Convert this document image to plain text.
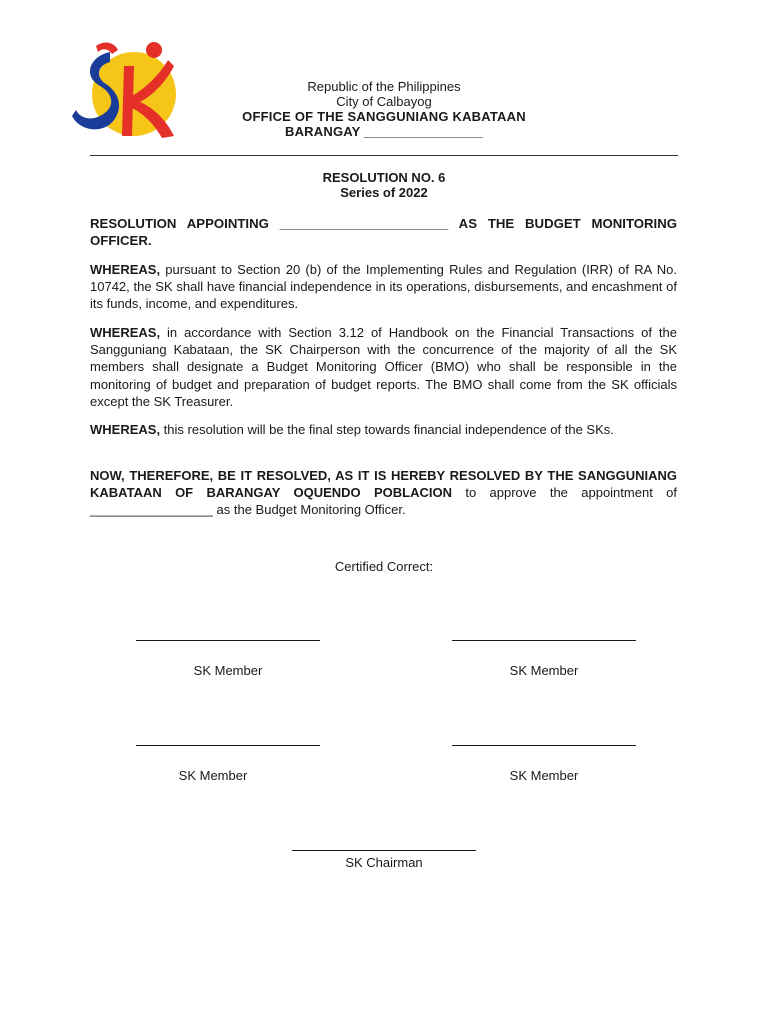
Republic of the Philippines
City of Calbayog
OFFICE OF THE SANGGUNIANG KABATAAN
BARANGAY ________________
RESOLUTION NO. 6
Series of 2022
RESOLUTION APPOINTING _______________________ AS THE BUDGET MONITORING OFFICER.
WHEREAS, pursuant to Section 20 (b) of the Implementing Rules and Regulation (IRR) of RA No. 10742, the SK shall have financial independence in its operations, disbursements, and encashment of its funds, income, and expenditures.
WHEREAS, in accordance with Section 3.12 of Handbook on the Financial Transactions of the Sangguniang Kabataan, the SK Chairperson with the concurrence of the majority of all the SK members shall designate a Budget Monitoring Officer (BMO) who shall be responsible in the monitoring of budget and preparation of budget reports. The BMO shall come from the SK officials except the SK Treasurer.
WHEREAS, this resolution will be the final step towards financial independence of the SKs.
NOW, THEREFORE, BE IT RESOLVED, AS IT IS HEREBY RESOLVED BY THE SANGGUNIANG KABATAAN OF BARANGAY OQUENDO POBLACION to approve the appointment of _________________ as the Budget Monitoring Officer.
Certified Correct:
SK Member	SK Member
SK Member	SK Member
SK Chairman
